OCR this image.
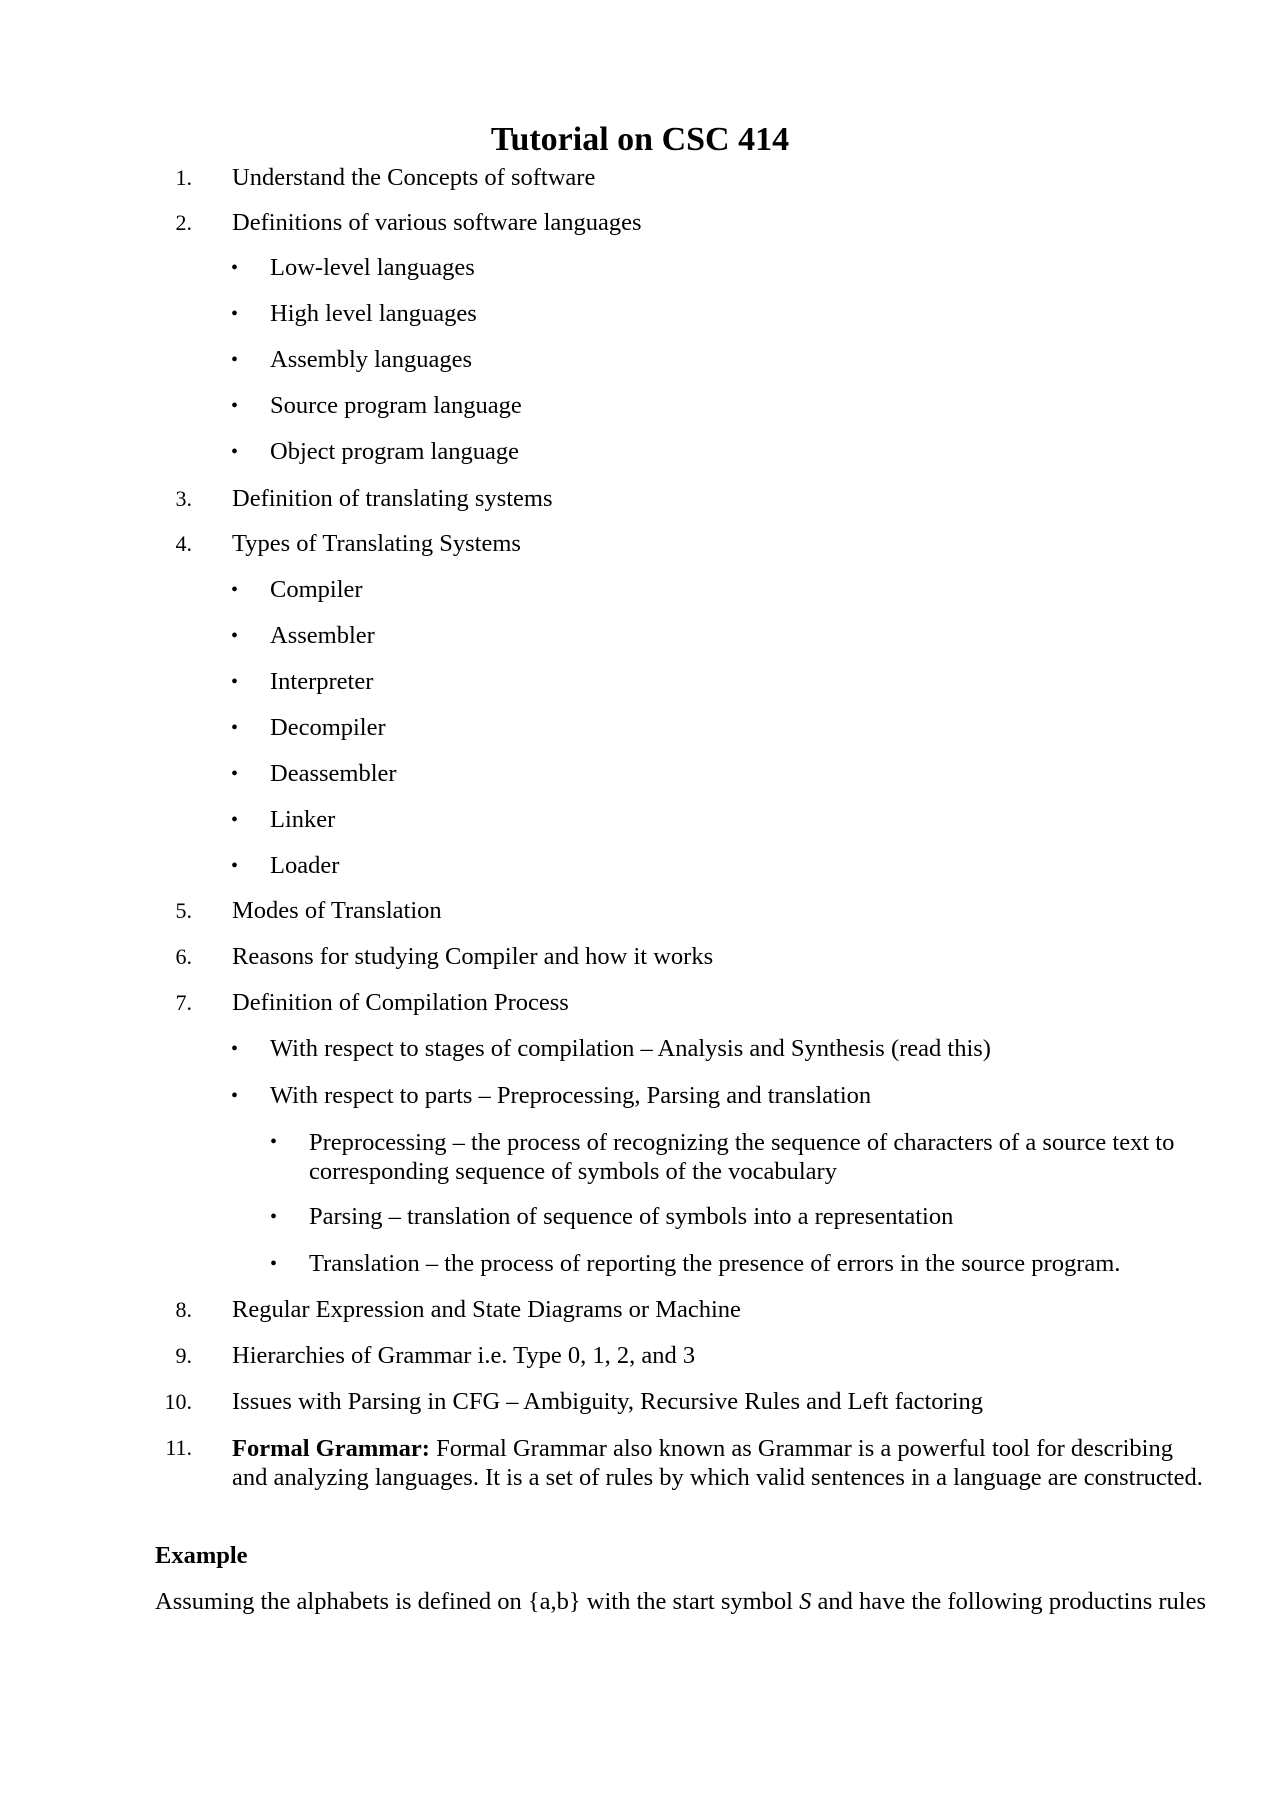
Tutorial on CSC 414
1. Understand the Concepts of software
2. Definitions of various software languages
• Low-level languages
• High level languages
• Assembly languages
• Source program language
• Object program language
3. Definition of translating systems
4. Types of Translating Systems
• Compiler
• Assembler
• Interpreter
• Decompiler
• Deassembler
• Linker
• Loader
5. Modes of Translation
6. Reasons for studying Compiler and how it works
7. Definition of Compilation Process
• With respect to stages of compilation – Analysis and Synthesis (read this)
• With respect to parts – Preprocessing, Parsing and translation
• Preprocessing – the process of recognizing the sequence of characters of a source text to corresponding sequence of symbols of the vocabulary
• Parsing – translation of sequence of symbols into a representation
• Translation – the process of reporting the presence of errors in the source program.
8. Regular Expression and State Diagrams or Machine
9. Hierarchies of Grammar i.e. Type 0, 1, 2, and 3
10. Issues with Parsing in CFG – Ambiguity, Recursive Rules and Left factoring
11. Formal Grammar: Formal Grammar also known as Grammar is a powerful tool for describing and analyzing languages. It is a set of rules by which valid sentences in a language are constructed.
Example
Assuming the alphabets is defined on {a,b} with the start symbol S and have the following productins rules
